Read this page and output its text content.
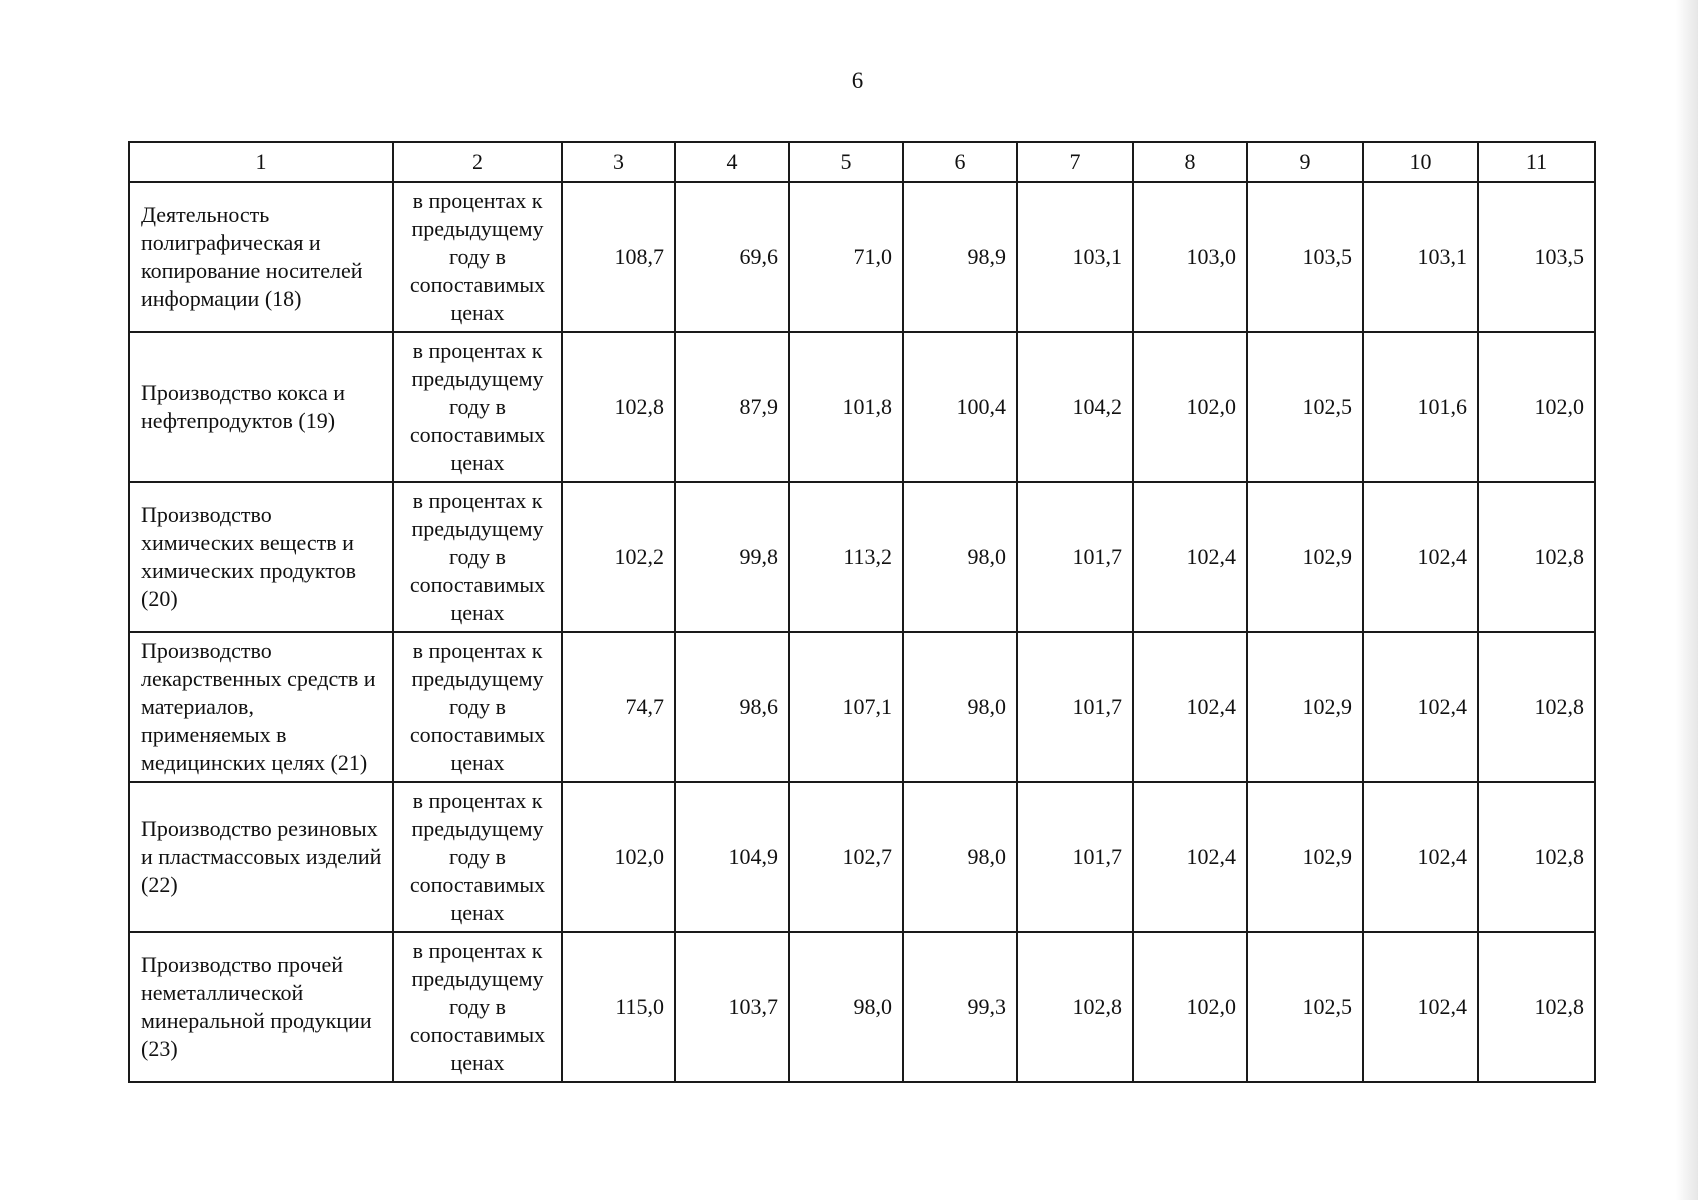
6
1	2	3	4	5	6	7	8	9	10	11
Деятельность полиграфическая и копирование носителей информации (18)	в процентах к предыдущему году в сопоставимых ценах	108,7	69,6	71,0	98,9	103,1	103,0	103,5	103,1	103,5
Производство кокса и нефтепродуктов (19)	в процентах к предыдущему году в сопоставимых ценах	102,8	87,9	101,8	100,4	104,2	102,0	102,5	101,6	102,0
Производство химических веществ и химических продуктов (20)	в процентах к предыдущему году в сопоставимых ценах	102,2	99,8	113,2	98,0	101,7	102,4	102,9	102,4	102,8
Производство лекарственных средств и материалов, применяемых в медицинских целях (21)	в процентах к предыдущему году в сопоставимых ценах	74,7	98,6	107,1	98,0	101,7	102,4	102,9	102,4	102,8
Производство резиновых и пластмассовых изделий (22)	в процентах к предыдущему году в сопоставимых ценах	102,0	104,9	102,7	98,0	101,7	102,4	102,9	102,4	102,8
Производство прочей неметаллической минеральной продукции (23)	в процентах к предыдущему году в сопоставимых ценах	115,0	103,7	98,0	99,3	102,8	102,0	102,5	102,4	102,8
